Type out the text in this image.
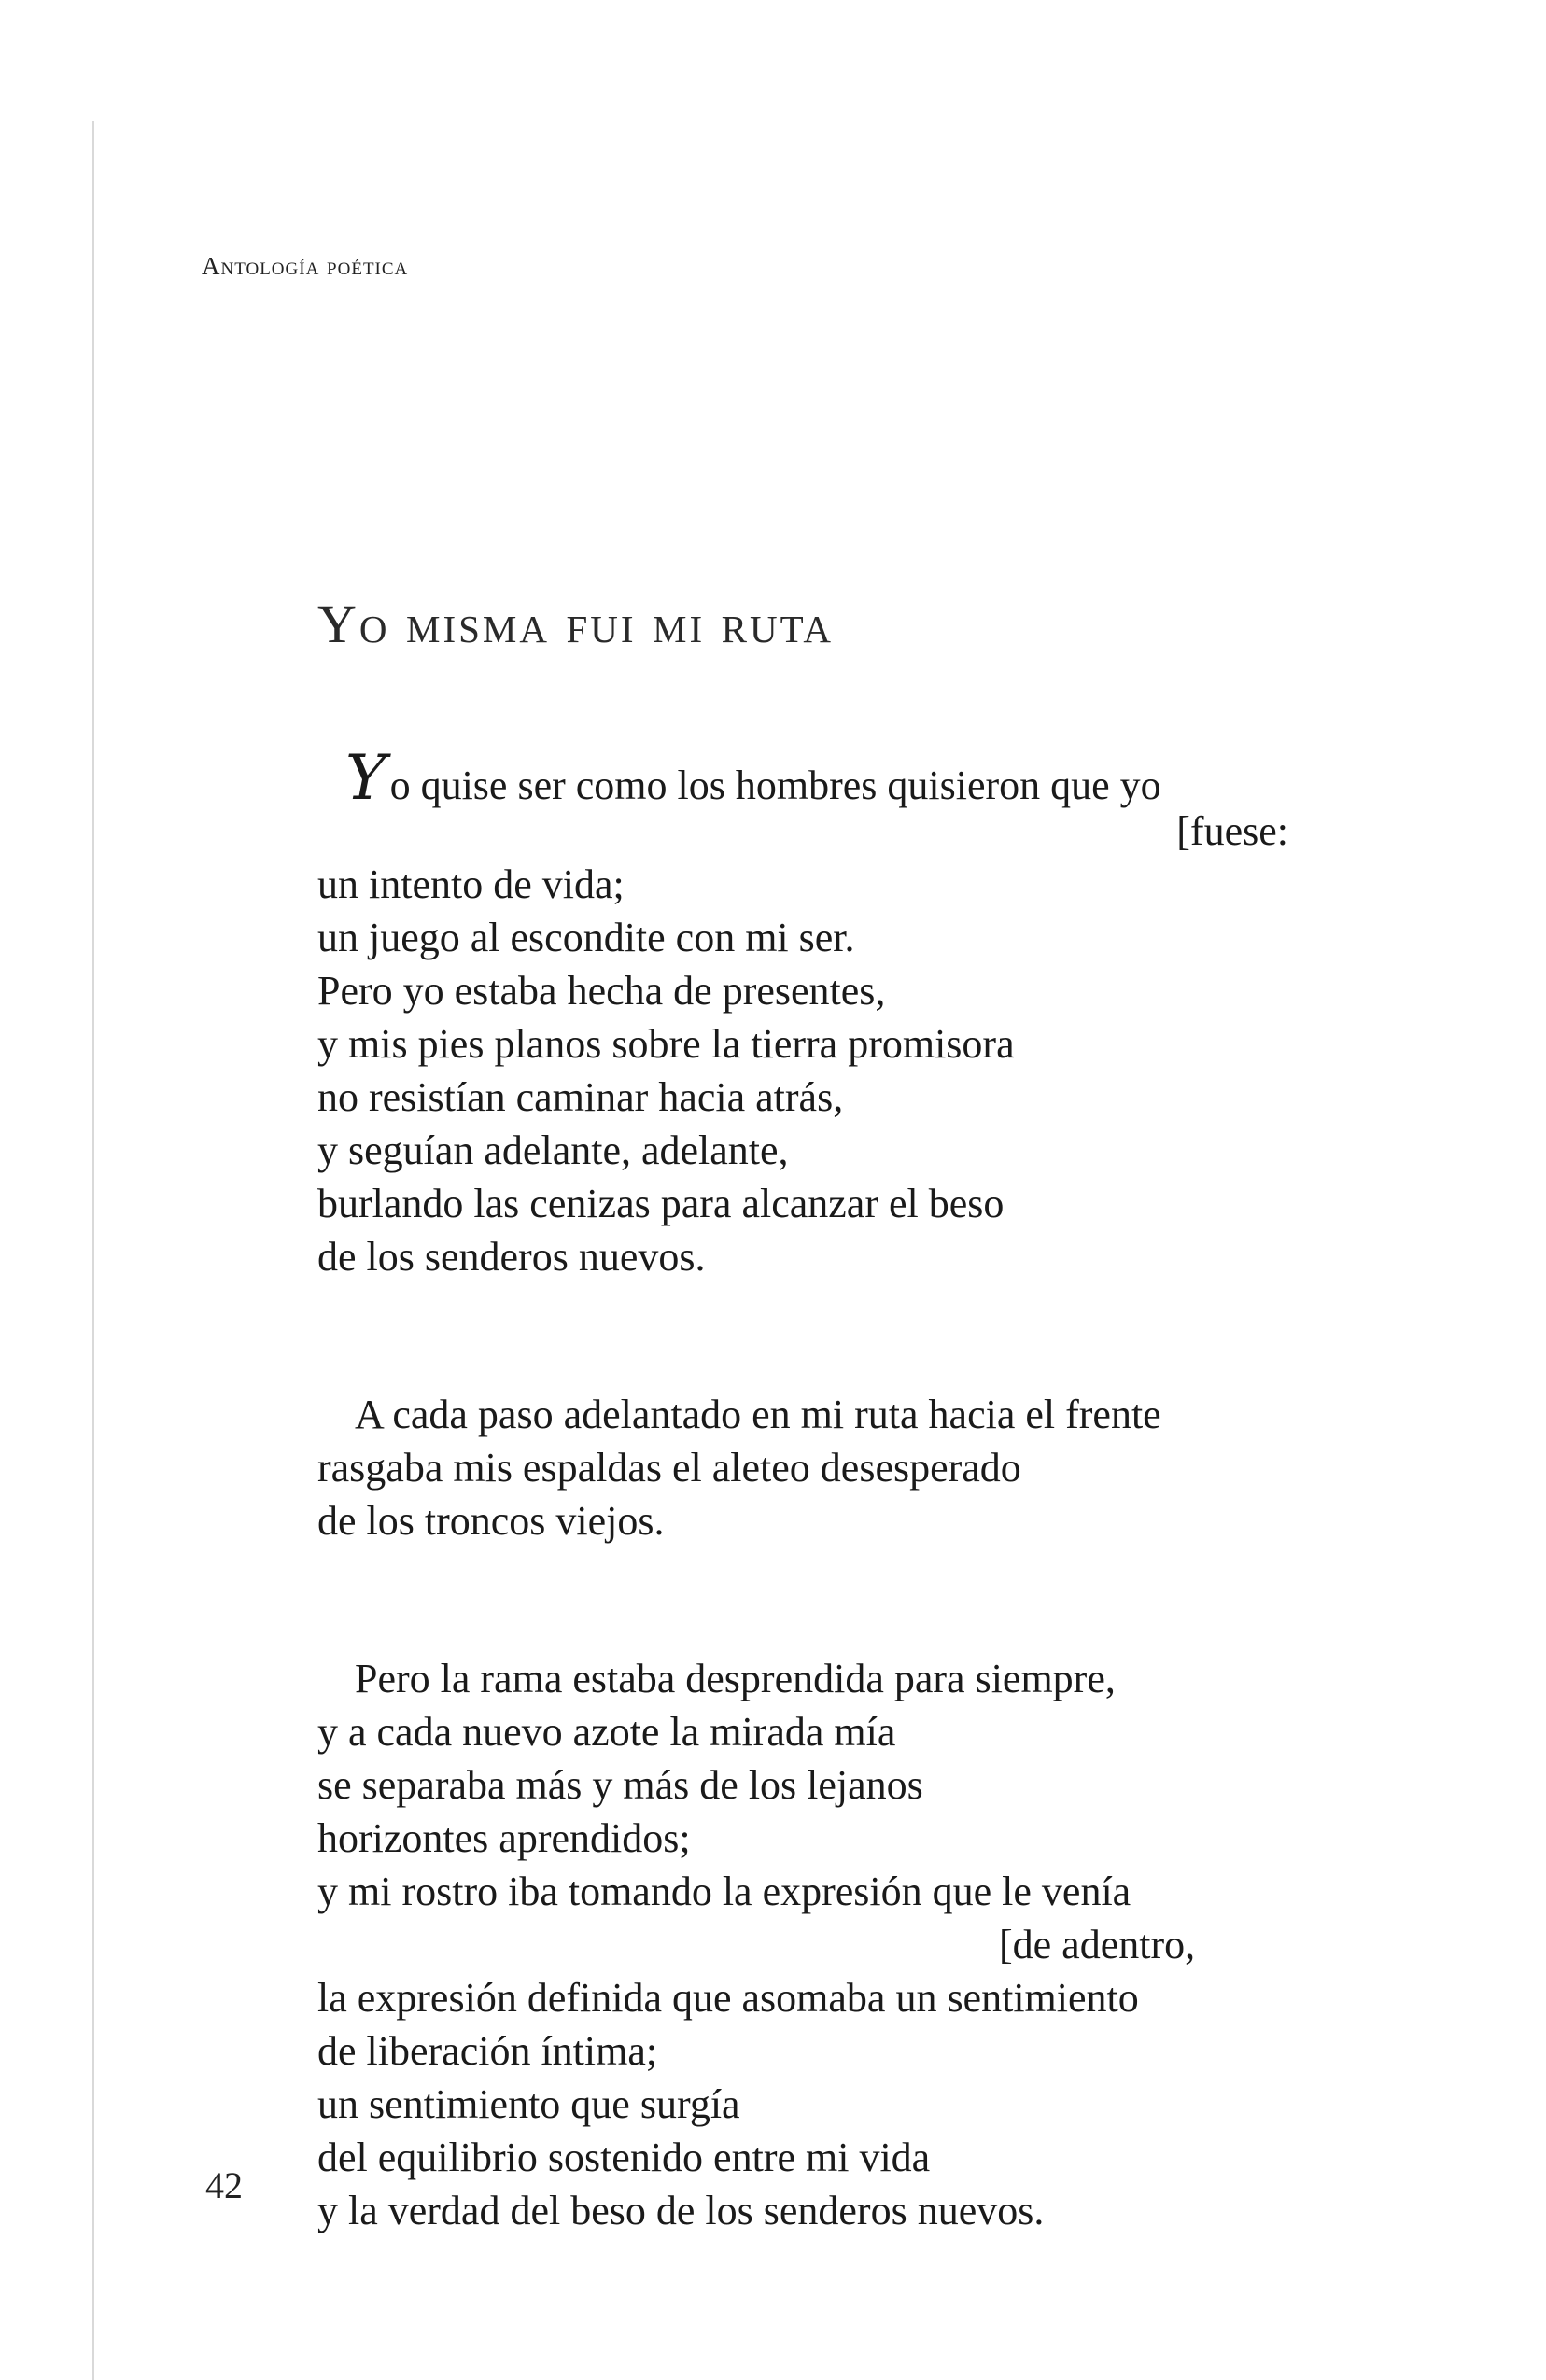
Antología poética
Yo misma fui mi ruta
Yo quise ser como los hombres quisieron que yo
[fuese:
un intento de vida;
un juego al escondite con mi ser.
Pero yo estaba hecha de presentes,
y mis pies planos sobre la tierra promisora
no resistían caminar hacia atrás,
y seguían adelante, adelante,
burlando las cenizas para alcanzar el beso
de los senderos nuevos.
A cada paso adelantado en mi ruta hacia el frente
rasgaba mis espaldas el aleteo desesperado
de los troncos viejos.
Pero la rama estaba desprendida para siempre,
y a cada nuevo azote la mirada mía
se separaba más y más de los lejanos
horizontes aprendidos;
y mi rostro iba tomando la expresión que le venía
[de adentro,
la expresión definida que asomaba un sentimiento
de liberación íntima;
un sentimiento que surgía
del equilibrio sostenido entre mi vida
y la verdad del beso de los senderos nuevos.
42
